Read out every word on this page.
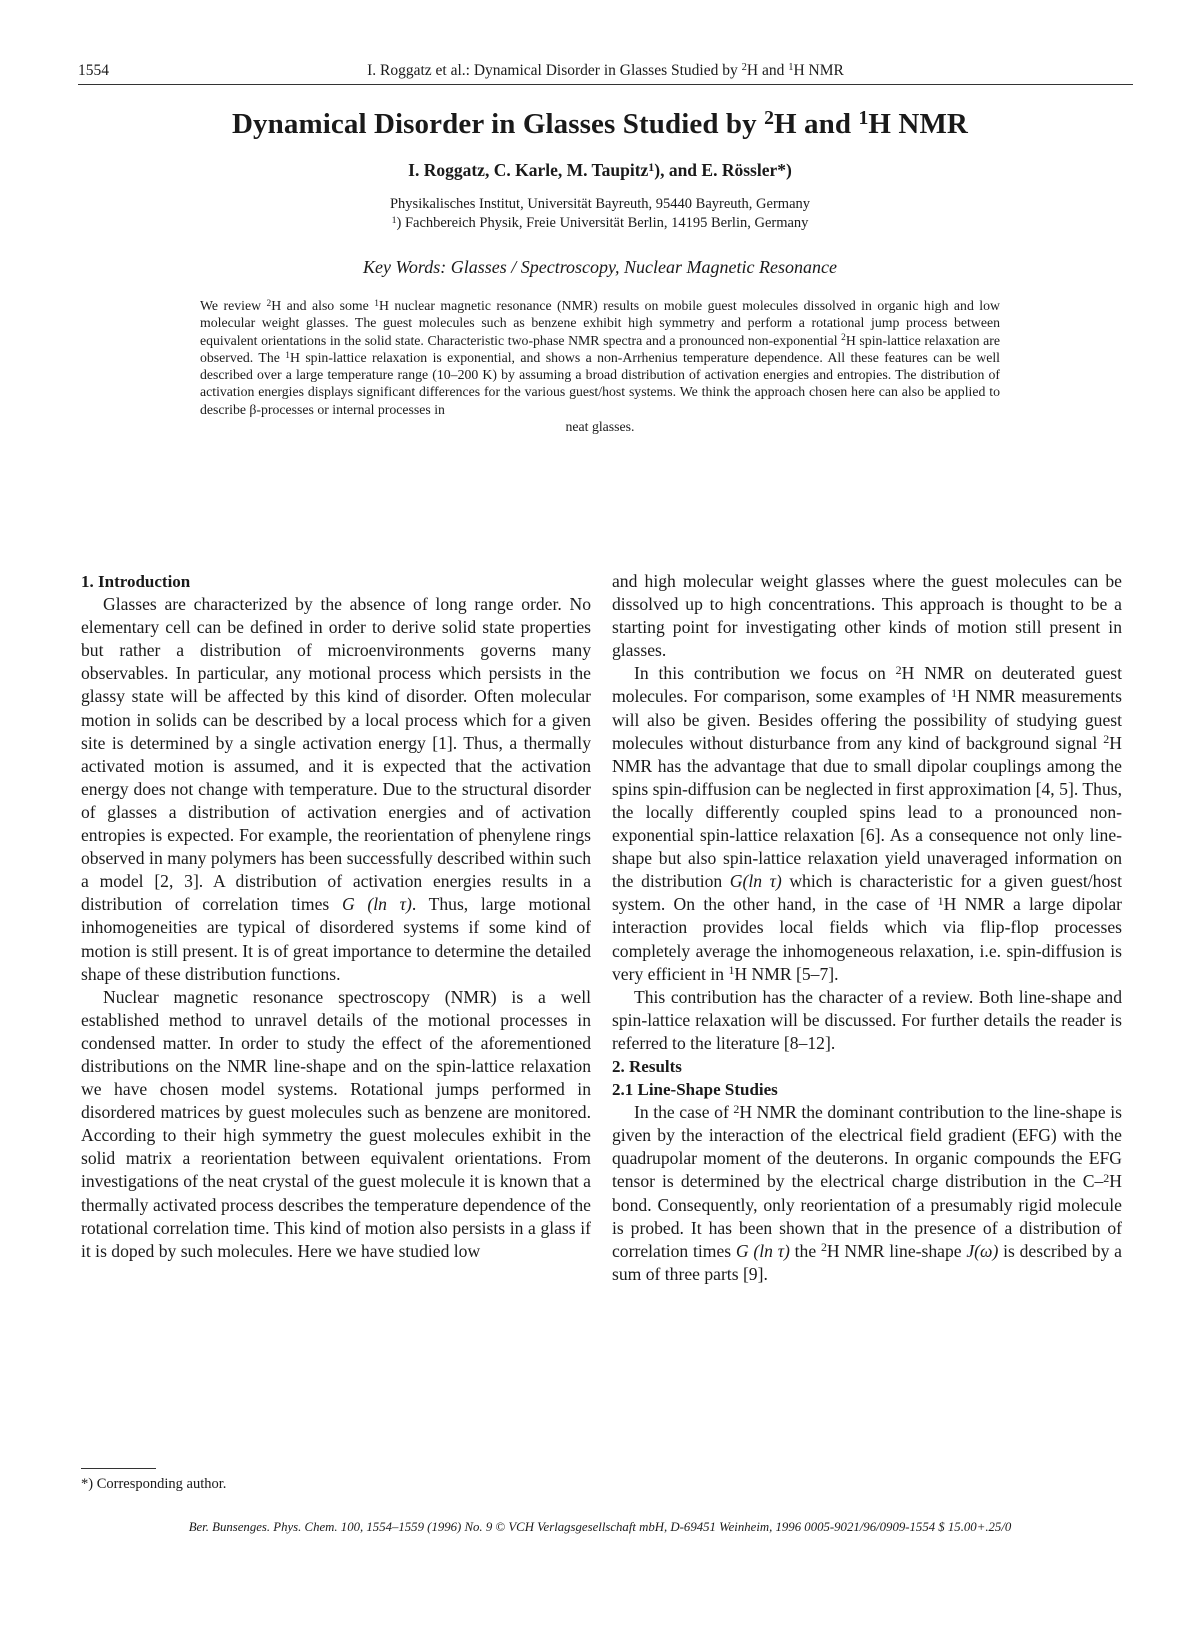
1554	I. Roggatz et al.: Dynamical Disorder in Glasses Studied by $^2$H and $^1$H NMR
Dynamical Disorder in Glasses Studied by $^2$H and $^1$H NMR
I. Roggatz, C. Karle, M. Taupitz$^1$), and E. Rössler*)
Physikalisches Institut, Universität Bayreuth, 95440 Bayreuth, Germany
$^1$) Fachbereich Physik, Freie Universität Berlin, 14195 Berlin, Germany
Key Words: Glasses / Spectroscopy, Nuclear Magnetic Resonance
We review $^2$H and also some $^1$H nuclear magnetic resonance (NMR) results on mobile guest molecules dissolved in organic high and low molecular weight glasses. The guest molecules such as benzene exhibit high symmetry and perform a rotational jump process between equivalent orientations in the solid state. Characteristic two-phase NMR spectra and a pronounced non-exponential $^2$H spin-lattice relaxation are observed. The $^1$H spin-lattice relaxation is exponential, and shows a non-Arrhenius temperature dependence. All these features can be well described over a large temperature range (10–200 K) by assuming a broad distribution of activation energies and entropies. The distribution of activation energies displays significant differences for the various guest/host systems. We think the approach chosen here can also be applied to describe β-processes or internal processes in
neat glasses.

1. Introduction

Glasses are characterized by the absence of long range order. No elementary cell can be defined in order to derive solid state properties but rather a distribution of microenvironments governs many observables. In particular, any motional process which persists in the glassy state will be affected by this kind of disorder. Often molecular motion in solids can be described by a local process which for a given site is determined by a single activation energy [1]. Thus, a thermally activated motion is assumed, and it is expected that the activation energy does not change with temperature. Due to the structural disorder of glasses a distribution of activation energies and of activation entropies is expected. For example, the reorientation of phenylene rings observed in many polymers has been successfully described within such a model [2, 3]. A distribution of activation energies results in a distribution of correlation times G (ln τ). Thus, large motional inhomogeneities are typical of disordered systems if some kind of motion is still present. It is of great importance to determine the detailed shape of these distribution functions.

Nuclear magnetic resonance spectroscopy (NMR) is a well established method to unravel details of the motional processes in condensed matter. In order to study the effect of the aforementioned distributions on the NMR line-shape and on the spin-lattice relaxation we have chosen model systems. Rotational jumps performed in disordered matrices by guest molecules such as benzene are monitored. According to their high symmetry the guest molecules exhibit in the solid matrix a reorientation between equivalent orientations. From investigations of the neat crystal of the guest molecule it is known that a thermally activated process describes the temperature dependence of the rotational correlation time. This kind of motion also persists in a glass if it is doped by such molecules. Here we have studied low

and high molecular weight glasses where the guest molecules can be dissolved up to high concentrations. This approach is thought to be a starting point for investigating other kinds of motion still present in glasses.

In this contribution we focus on $^2$H NMR on deuterated guest molecules. For comparison, some examples of $^1$H NMR measurements will also be given. Besides offering the possibility of studying guest molecules without disturbance from any kind of background signal $^2$H NMR has the advantage that due to small dipolar couplings among the spins spin-diffusion can be neglected in first approximation [4, 5]. Thus, the locally differently coupled spins lead to a pronounced non-exponential spin-lattice relaxation [6]. As a consequence not only line-shape but also spin-lattice relaxation yield unaveraged information on the distribution G(ln τ) which is characteristic for a given guest/host system. On the other hand, in the case of $^1$H NMR a large dipolar interaction provides local fields which via flip-flop processes completely average the inhomogeneous relaxation, i.e. spin-diffusion is very efficient in $^1$H NMR [5–7].

This contribution has the character of a review. Both line-shape and spin-lattice relaxation will be discussed. For further details the reader is referred to the literature [8–12].

2. Results

2.1 Line-Shape Studies

In the case of $^2$H NMR the dominant contribution to the line-shape is given by the interaction of the electrical field gradient (EFG) with the quadrupolar moment of the deuterons. In organic compounds the EFG tensor is determined by the electrical charge distribution in the C–$^2$H bond. Consequently, only reorientation of a presumably rigid molecule is probed. It has been shown that in the presence of a distribution of correlation times G (ln τ) the $^2$H NMR line-shape J(ω) is described by a sum of three parts [9].

*) Corresponding author.
Ber. Bunsenges. Phys. Chem. 100, 1554–1559 (1996) No. 9 © VCH Verlagsgesellschaft mbH, D-69451 Weinheim, 1996 0005-9021/96/0909-1554 $ 15.00+.25/0
